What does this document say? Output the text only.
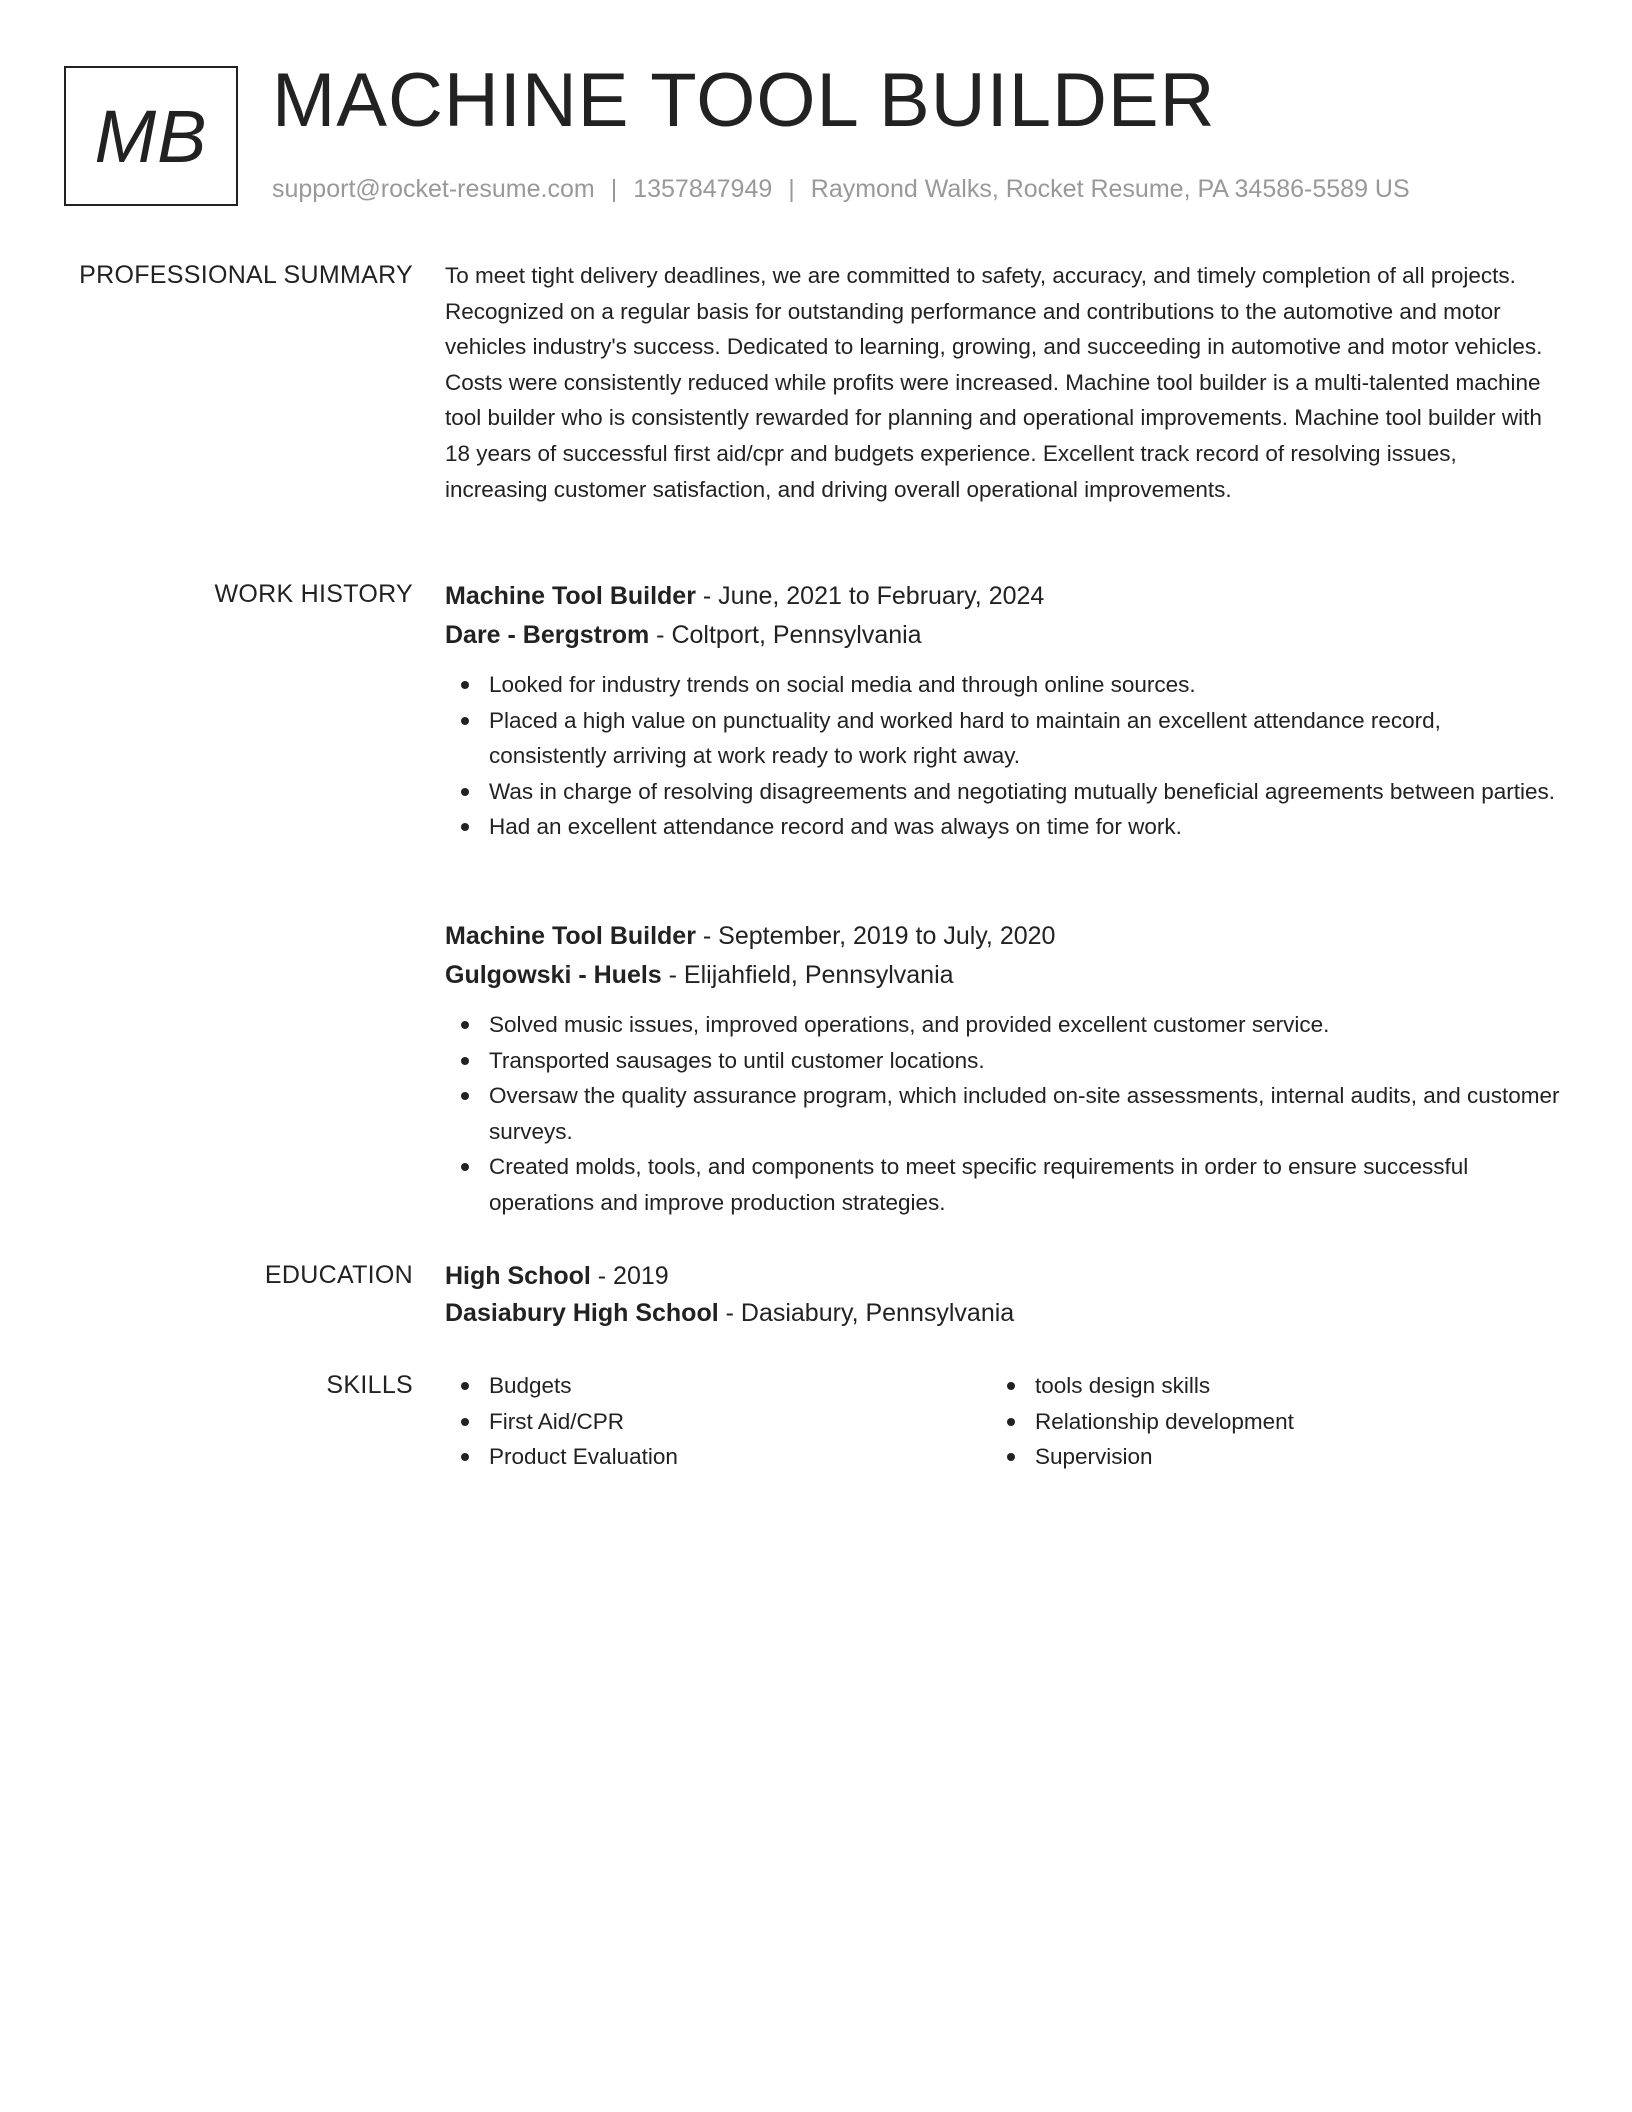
MB MACHINE TOOL BUILDER
support@rocket-resume.com | 1357847949 | Raymond Walks, Rocket Resume, PA 34586-5589 US
PROFESSIONAL SUMMARY To meet tight delivery deadlines, we are committed to safety, accuracy, and timely completion of all projects. Recognized on a regular basis for outstanding performance and contributions to the automotive and motor vehicles industry's success. Dedicated to learning, growing, and succeeding in automotive and motor vehicles. Costs were consistently reduced while profits were increased. Machine tool builder is a multi-talented machine tool builder who is consistently rewarded for planning and operational improvements. Machine tool builder with 18 years of successful first aid/cpr and budgets experience. Excellent track record of resolving issues, increasing customer satisfaction, and driving overall operational improvements.

WORK HISTORY Machine Tool Builder - June, 2021 to February, 2024
Dare - Bergstrom - Coltport, Pennsylvania
Looked for industry trends on social media and through online sources.
Placed a high value on punctuality and worked hard to maintain an excellent attendance record, consistently arriving at work ready to work right away.
Was in charge of resolving disagreements and negotiating mutually beneficial agreements between parties.
Had an excellent attendance record and was always on time for work.
Machine Tool Builder - September, 2019 to July, 2020
Gulgowski - Huels - Elijahfield, Pennsylvania
Solved music issues, improved operations, and provided excellent customer service.
Transported sausages to until customer locations.
Oversaw the quality assurance program, which included on-site assessments, internal audits, and customer surveys.
Created molds, tools, and components to meet specific requirements in order to ensure successful operations and improve production strategies.
EDUCATION High School - 2019
Dasiabury High School - Dasiabury, Pennsylvania
SKILLS	Budgets
First Aid/CPR
Product Evaluation
tools design skills
Relationship development
Supervision
